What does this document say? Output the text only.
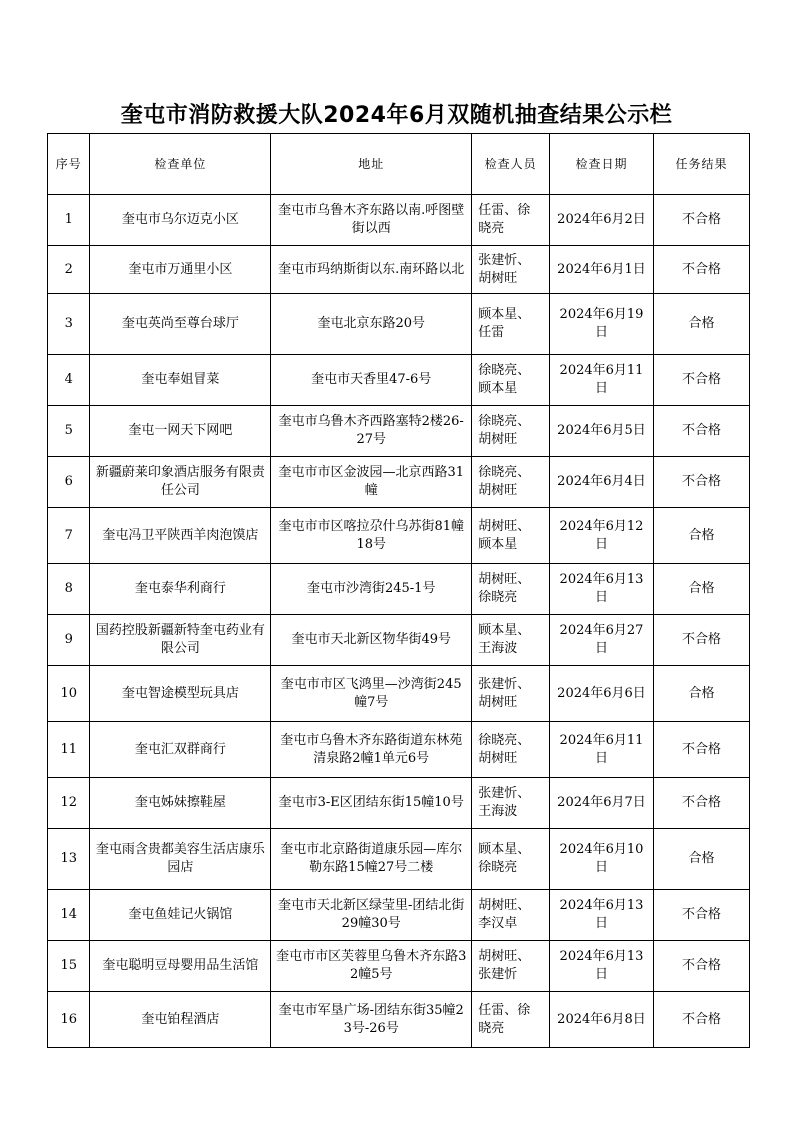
奎屯市消防救援大队2024年6月双随机抽查结果公示栏
序号	检查单位	地址	检查人员	检查日期	任务结果
1	奎屯市乌尔迈克小区	奎屯市乌鲁木齐东路以南.呼图壁街以西	任雷、徐晓亮	2024年6月2日	不合格
2	奎屯市万通里小区	奎屯市玛纳斯街以东.南环路以北	张建忻、胡树旺	2024年6月1日	不合格
3	奎屯英尚至尊台球厅	奎屯北京东路20号	顾本星、任雷	2024年6月19日	合格
4	奎屯奉姐冒菜	奎屯市天香里47-6号	徐晓亮、顾本星	2024年6月11日	不合格
5	奎屯一网天下网吧	奎屯市乌鲁木齐西路塞特2楼26-27号	徐晓亮、胡树旺	2024年6月5日	不合格
6	新疆蔚莱印象酒店服务有限责任公司	奎屯市市区金波园—北京西路31幢	徐晓亮、胡树旺	2024年6月4日	不合格
7	奎屯冯卫平陕西羊肉泡馍店	奎屯市市区喀拉尕什乌苏街81幢18号	胡树旺、顾本星	2024年6月12日	合格
8	奎屯泰华利商行	奎屯市沙湾街245-1号	胡树旺、徐晓亮	2024年6月13日	合格
9	国药控股新疆新特奎屯药业有限公司	奎屯市天北新区物华街49号	顾本星、王海波	2024年6月27日	不合格
10	奎屯智途模型玩具店	奎屯市市区飞鸿里—沙湾街245幢7号	张建忻、胡树旺	2024年6月6日	合格
11	奎屯汇双群商行	奎屯市乌鲁木齐东路街道东林苑清泉路2幢1单元6号	徐晓亮、胡树旺	2024年6月11日	不合格
12	奎屯姊妹擦鞋屋	奎屯市3-E区团结东街15幢10号	张建忻、王海波	2024年6月7日	不合格
13	奎屯雨含贵都美容生活店康乐园店	奎屯市北京路街道康乐园—库尔勒东路15幢27号二楼	顾本星、徐晓亮	2024年6月10日	合格
14	奎屯鱼娃记火锅馆	奎屯市天北新区绿莹里-团结北街29幢30号	胡树旺、李汉卓	2024年6月13日	不合格
15	奎屯聪明豆母婴用品生活馆	奎屯市市区芙蓉里乌鲁木齐东路32幢5号	胡树旺、张建忻	2024年6月13日	不合格
16	奎屯铂程酒店	奎屯市军垦广场-团结东街35幢23号-26号	任雷、徐晓亮	2024年6月8日	不合格
